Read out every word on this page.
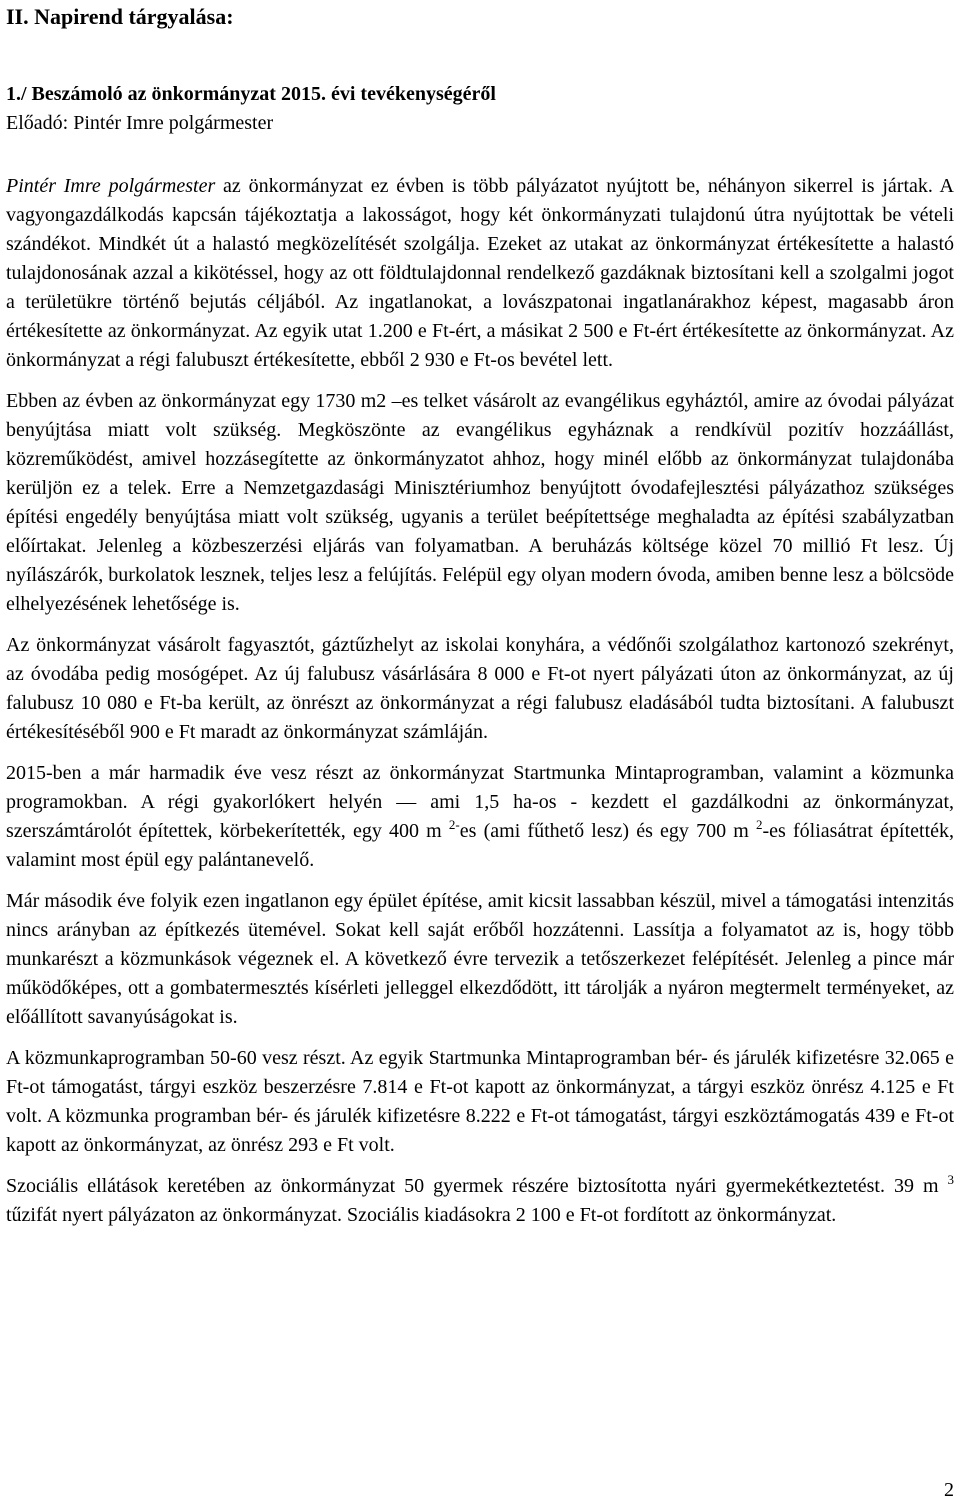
II. Napirend tárgyalása:
1./ Beszámoló az önkormányzat 2015. évi tevékenységéről
Előadó: Pintér Imre polgármester

Pintér Imre polgármester az önkormányzat ez évben is több pályázatot nyújtott be, néhányon sikerrel is jártak. A vagyongazdálkodás kapcsán tájékoztatja a lakosságot, hogy két önkormányzati tulajdonú útra nyújtottak be vételi szándékot. Mindkét út a halastó megközelítését szolgálja. Ezeket az utakat az önkormányzat értékesítette a halastó tulajdonosának azzal a kikötéssel, hogy az ott földtulajdonnal rendelkező gazdáknak biztosítani kell a szolgalmi jogot a területükre történő bejutás céljából. Az ingatlanokat, a lovászpatonai ingatlanárakhoz képest, magasabb áron értékesítette az önkormányzat. Az egyik utat 1.200 e Ft-ért, a másikat 2 500 e Ft-ért értékesítette az önkormányzat. Az önkormányzat a régi falubuszt értékesítette, ebből 2 930 e Ft-os bevétel lett.

Ebben az évben az önkormányzat egy 1730 m2 –es telket vásárolt az evangélikus egyháztól, amire az óvodai pályázat benyújtása miatt volt szükség. Megköszönte az evangélikus egyháznak a rendkívül pozitív hozzáállást, közreműködést, amivel hozzásegítette az önkormányzatot ahhoz, hogy minél előbb az önkormányzat tulajdonába kerüljön ez a telek. Erre a Nemzetgazdasági Minisztériumhoz benyújtott óvodafejlesztési pályázathoz szükséges építési engedély benyújtása miatt volt szükség, ugyanis a terület beépítettsége meghaladta az építési szabályzatban előírtakat. Jelenleg a közbeszerzési eljárás van folyamatban. A beruházás költsége közel 70 millió Ft lesz. Új nyílászárók, burkolatok lesznek, teljes lesz a felújítás. Felépül egy olyan modern óvoda, amiben benne lesz a bölcsöde elhelyezésének lehetősége is.

Az önkormányzat vásárolt fagyasztót, gáztűzhelyt az iskolai konyhára, a védőnői szolgálathoz kartonozó szekrényt, az óvodába pedig mosógépet. Az új falubusz vásárlására 8 000 e Ft-ot nyert pályázati úton az önkormányzat, az új falubusz 10 080 e Ft-ba került, az önrészt az önkormányzat a régi falubusz eladásából tudta biztosítani. A falubuszt értékesítéséből 900 e Ft maradt az önkormányzat számláján.

2015-ben a már harmadik éve vesz részt az önkormányzat Startmunka Mintaprogramban, valamint a közmunka programokban. A régi gyakorlókert helyén — ami 1,5 ha-os - kezdett el gazdálkodni az önkormányzat, szerszámtárolót építettek, körbekerítették, egy 400 m $^{2-}$es (ami fűthető lesz) és egy 700 m $^2$-es fóliasátrat építették, valamint most épül egy palántanevelő.

Már második éve folyik ezen ingatlanon egy épület építése, amit kicsit lassabban készül, mivel a támogatási intenzitás nincs arányban az építkezés ütemével. Sokat kell saját erőből hozzátenni. Lassítja a folyamatot az is, hogy több munkarészt a közmunkások végeznek el. A következő évre tervezik a tetőszerkezet felépítését. Jelenleg a pince már működőképes, ott a gombatermesztés kísérleti jelleggel elkezdődött, itt tárolják a nyáron megtermelt terményeket, az előállított savanyúságokat is.

A közmunkaprogramban 50-60 vesz részt. Az egyik Startmunka Mintaprogramban bér- és járulék kifizetésre 32.065 e Ft-ot támogatást, tárgyi eszköz beszerzésre 7.814 e Ft-ot kapott az önkormányzat, a tárgyi eszköz önrész 4.125 e Ft volt. A közmunka programban bér- és járulék kifizetésre 8.222 e Ft-ot támogatást, tárgyi eszköztámogatás 439 e Ft-ot kapott az önkormányzat, az önrész 293 e Ft volt.

Szociális ellátások keretében az önkormányzat 50 gyermek részére biztosította nyári gyermekétkeztetést. 39 m $^3$ tűzifát nyert pályázaton az önkormányzat. Szociális kiadásokra 2 100 e Ft-ot fordított az önkormányzat.

2
